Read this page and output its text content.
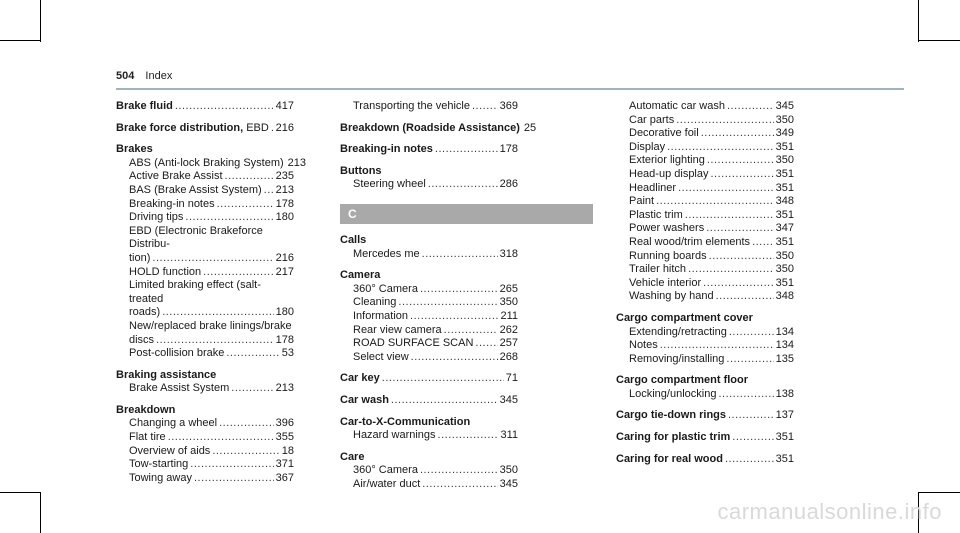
504 Index
Brake fluid .....	417
Brake force distribution, EBD ..... 216
Brakes
ABS (Anti-lock Braking System) 213
Active Brake Assist .....	235
BAS (Brake Assist System) ..... 213
Breaking-in notes .....	178
Driving tips .....	180
EBD (Electronic Brakeforce Distribu-
tion) .....	216
HOLD function .....	217
Limited braking effect (salt-treated
roads) .....	180
New/replaced brake linings/brake
discs .....	178
Post-collision brake .....	53
Braking assistance
Brake Assist System .....	213
Breakdown
Changing a wheel .....	396
Flat tire .....	355
Overview of aids .....	18
Tow-starting .....	371
Towing away .....	367
Transporting the vehicle .....	369
Breakdown (Roadside Assistance) 25
Breaking-in notes .....	178
Buttons
Steering wheel .....	286
C
Calls
Mercedes me .....	318
Camera
360° Camera .....	265
Cleaning .....	350
Information .....	211
Rear view camera .....	262
ROAD SURFACE SCAN ..... 257
Select view .....	268
Car key .....	71
Car wash .....	345
Car-to-X-Communication
Hazard warnings .....	311
Care
360° Camera .....	350
Air/water duct .....	345
Automatic car wash .....	345
Car parts .....	350
Decorative foil .....	349
Display .....	351
Exterior lighting .....	350
Head-up display .....	351
Headliner .....	351
Paint .....	348
Plastic trim .....	351
Power washers .....	347
Real wood/trim elements ..... 351
Running boards .....	350
Trailer hitch .....	350
Vehicle interior .....	351
Washing by hand .....	348
Cargo compartment cover
Extending/retracting .....	134
Notes .....	134
Removing/installing .....	135
Cargo compartment floor
Locking/unlocking .....	138
Cargo tie-down rings .....	137
Caring for plastic trim .....	351
Caring for real wood .....	351
carmanualsonline.info
